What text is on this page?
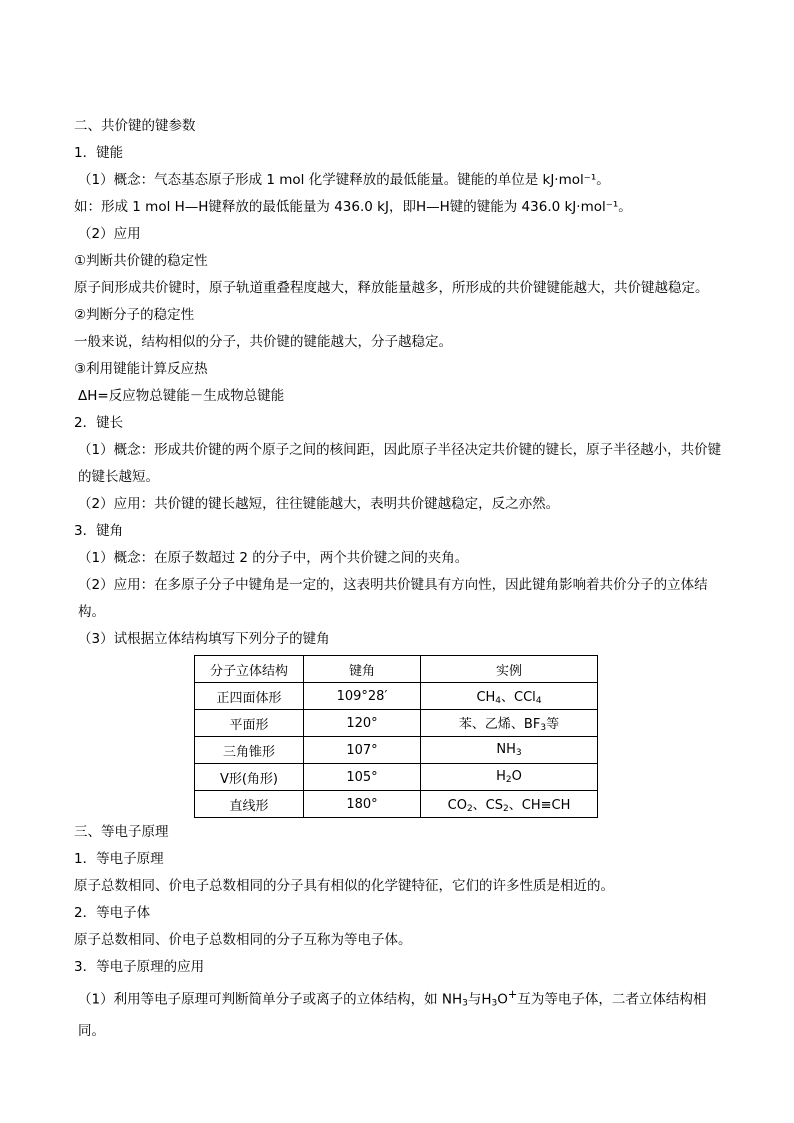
二、共价键的键参数
1．键能
（1）概念：气态基态原子形成 1 mol 化学键释放的最低能量。键能的单位是 kJ·mol⁻¹。
如：形成 1 mol H—H键释放的最低能量为 436.0 kJ，即H—H键的键能为 436.0 kJ·mol⁻¹。
（2）应用
①判断共价键的稳定性
原子间形成共价键时，原子轨道重叠程度越大，释放能量越多，所形成的共价键键能越大，共价键越稳定。
②判断分子的稳定性
一般来说，结构相似的分子，共价键的键能越大，分子越稳定。
③利用键能计算反应热
ΔH=反应物总键能－生成物总键能
2．键长
（1）概念：形成共价键的两个原子之间的核间距，因此原子半径决定共价键的键长，原子半径越小，共价键的键长越短。
（2）应用：共价键的键长越短，往往键能越大，表明共价键越稳定，反之亦然。
3．键角
（1）概念：在原子数超过 2 的分子中，两个共价键之间的夹角。
（2）应用：在多原子分子中键角是一定的，这表明共价键具有方向性，因此键角影响着共价分子的立体结构。
（3）试根据立体结构填写下列分子的键角
分子立体结构	键角	实例
正四面体形	109°28′	$CH_4$、CCl$_4$
平面形	120°	苯、乙烯、$BF_3$等
三角锥形	107°	$NH_3$
V形(角形)	105°	$H_2O$
直线形	180°	$CO_2$、$CS_2$、CH≡CH
三、等电子原理
1．等电子原理
原子总数相同、价电子总数相同的分子具有相似的化学键特征，它们的许多性质是相近的。
2．等电子体
原子总数相同、价电子总数相同的分子互称为等电子体。
3．等电子原理的应用
（1）利用等电子原理可判断简单分子或离子的立体结构，如 $NH_3$与$H_3O^+$互为等电子体，二者立体结构相同。
